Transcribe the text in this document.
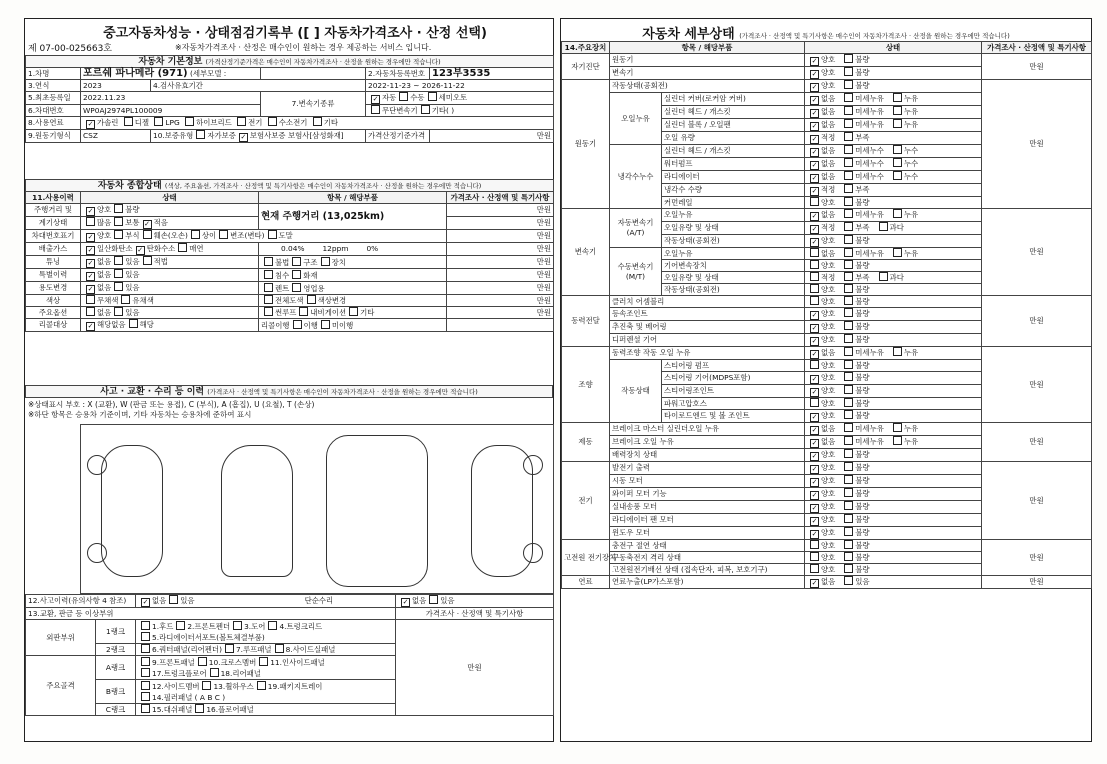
중고자동차성능 · 상태점검기록부 ([ ] 자동차가격조사 · 산정 선택)
제 07-00-025663호	※자동차가격조사 · 산정은 매수인이 원하는 경우 제공하는 서비스 입니다.
자동차 기본정보 (가격산정기준가격은 매수인이 자동차가격조사 · 산정을 원하는 경우에만 적습니다)					
1.차명	포르쉐 파나메라 (971) (세부모델 :			2.자동차등록번호	123부3535
3.연식	2023	4.검사유효기간		2022-11-23 ~ 2026-11-22	
5.최초등록일	2022.11.23		7.변속기종류	✓자동 수동 세미오토
6.차대번호	WP0AJ2974PL100009			무단변속기 기타( )	
8.사용연료	✓가솔린 디젤 LPG 하이브리드 전기 수소전기 기타
9.원동기형식	CSZ	10.보증유형 자가보증 ✓ 보험사보증 보험사[삼성화재]		가격산정기준가격	만원
자동차 종합상태 (색상, 주요옵션, 가격조사 · 산정액 및 특기사항은 매수인이 자동차가격조사 · 산정을 원하는 경우에만 적습니다)			
11.사용이력	상태	항목 / 해당부품	가격조사 · 산정액 및 특기사항
주행거리 및	✓양호 불량	현재 주행거리 (13,025km)	만원
계기상태	많음 보통 ✓ 적음		만원
차대번호표기	✓양호 부식 훼손(오손) 상이 변조(변타) 도말		만원
배출가스	✓일산화탄소 ✓ 탄화수소 매연	0.04% 12ppm 0%	만원
튜닝	✓없음 있음 적법	불법 구조 장치	만원
특별이력	✓없음 있음	침수 화재	만원
용도변경	✓없음 있음	렌트 영업용	만원
색상	무채색 유채색	전체도색 색상변경	만원
주요옵션	없음 있음	썬루프 내비게이션 기타	만원
리콜대상	✓해당없음 해당	리콜이행 이행 미이행	
사고 · 교환 · 수리 등 이력 (가격조사 · 산정액 및 특기사항은 매수인이 자동차가격조사 · 산정을 원하는 경우에만 적습니다)
※상태표시 부호 : X (교환), W (판금 또는 용접), C (부식), A (흠집), U (요철), T (손상)
※하단 항목은 승용차 기준이며, 기타 자동차는 승용차에 준하여 표시
12.사고이력(유의사항 4 참조)	✓없음 있음 단순수리	✓없음 있음
13.교환, 판금 등 이상부위			가격조사 · 산정액 및 특기사항
외판부위	1랭크	1.후드 2.프론트펜더 3.도어 4.트렁크리드
5.라디에이터서포트(볼트체결부품)	만원
	2랭크	6.쿼터패널(리어펜더) 7.루프패널 8.사이드실패널	
주요골격	A랭크	9.프론트패널 10.크로스멤버 11.인사이드패널
17.트렁크플로어 18.리어패널	
	B랭크	12.사이드멤버 13.휠하우스 19.패키지트레이
14.필러패널 ( A B C )	
	C랭크	15.대쉬패널 16.플로어패널	
자동차 세부상태 (가격조사 · 산정액 및 특기사항은 매수인이 자동차가격조사 · 산정을 원하는 경우에만 적습니다)
14.주요장치	항목 / 해당부품		상태	가격조사 · 산정액 및 특기사항
자기진단	원동기	✓양호 불량	만원
	변속기	✓양호 불량
원동기	작동상태(공회전)	✓양호 불량	만원
	오일누유	실린더 커버(로커암 커버)	✓없음 미세누유 누유
		실린더 헤드 / 개스킷	✓없음 미세누유 누유
		실린더 블록 / 오일팬	✓없음 미세누유 누유
		오일 유량	✓적정 부족
	냉각수누수	실린더 헤드 / 개스킷	✓없음 미세누수 누수
		워터펌프	✓없음 미세누수 누수
		라디에이터	✓없음 미세누수 누수
		냉각수 수량	✓적정 부족
		커먼레일	양호 불량	
변속기	자동변속기 (A/T)	오일누유	✓없음 미세누유 누유	만원
		오일유량 및 상태	✓적정 부족 과다
		작동상태(공회전)	✓양호 불량
	수동변속기 (M/T)	오일누유	없음 미세누유 누유	
		기어변속장치	양호 불량	
		오일유량 및 상태	적정 부족 과다	
		작동상태(공회전)	양호 불량	
동력전달	클러치 어셈블리		양호 불량	만원
	등속조인트	✓양호 불량
	추진축 및 베어링	✓양호 불량
	디퍼렌셜 기어	✓양호 불량
조향	동력조향 작동 오일 누유	✓없음 미세누유 누유	만원
	작동상태	스티어링 펌프	양호 불량	
		스티어링 기어(MDPS포함)	✓양호 불량
		스티어링조인트	✓양호 불량
		파워고압호스	양호 불량	
		타이로드엔드 및 볼 조인트	✓양호 불량
제동	브레이크 마스터 실린더오일 누유	✓없음 미세누유 누유	만원
	브레이크 오일 누유	✓없음 미세누유 누유
	배력장치 상태	✓양호 불량
전기	발전기 출력	✓양호 불량	만원
	시동 모터	✓양호 불량
	와이퍼 모터 기능	✓양호 불량
	실내송풍 모터	✓양호 불량
	라디에이터 팬 모터	✓양호 불량
	윈도우 모터	✓양호 불량
고전원 전기장치	충전구 절연 상태		양호 불량	만원
	구동축전지 격리 상태		양호 불량	
	고전원전기배선 상태 (접속단자, 피복, 보호기구)		양호 불량	
연료	연료누출(LP가스포함)	✓없음 있음	만원
